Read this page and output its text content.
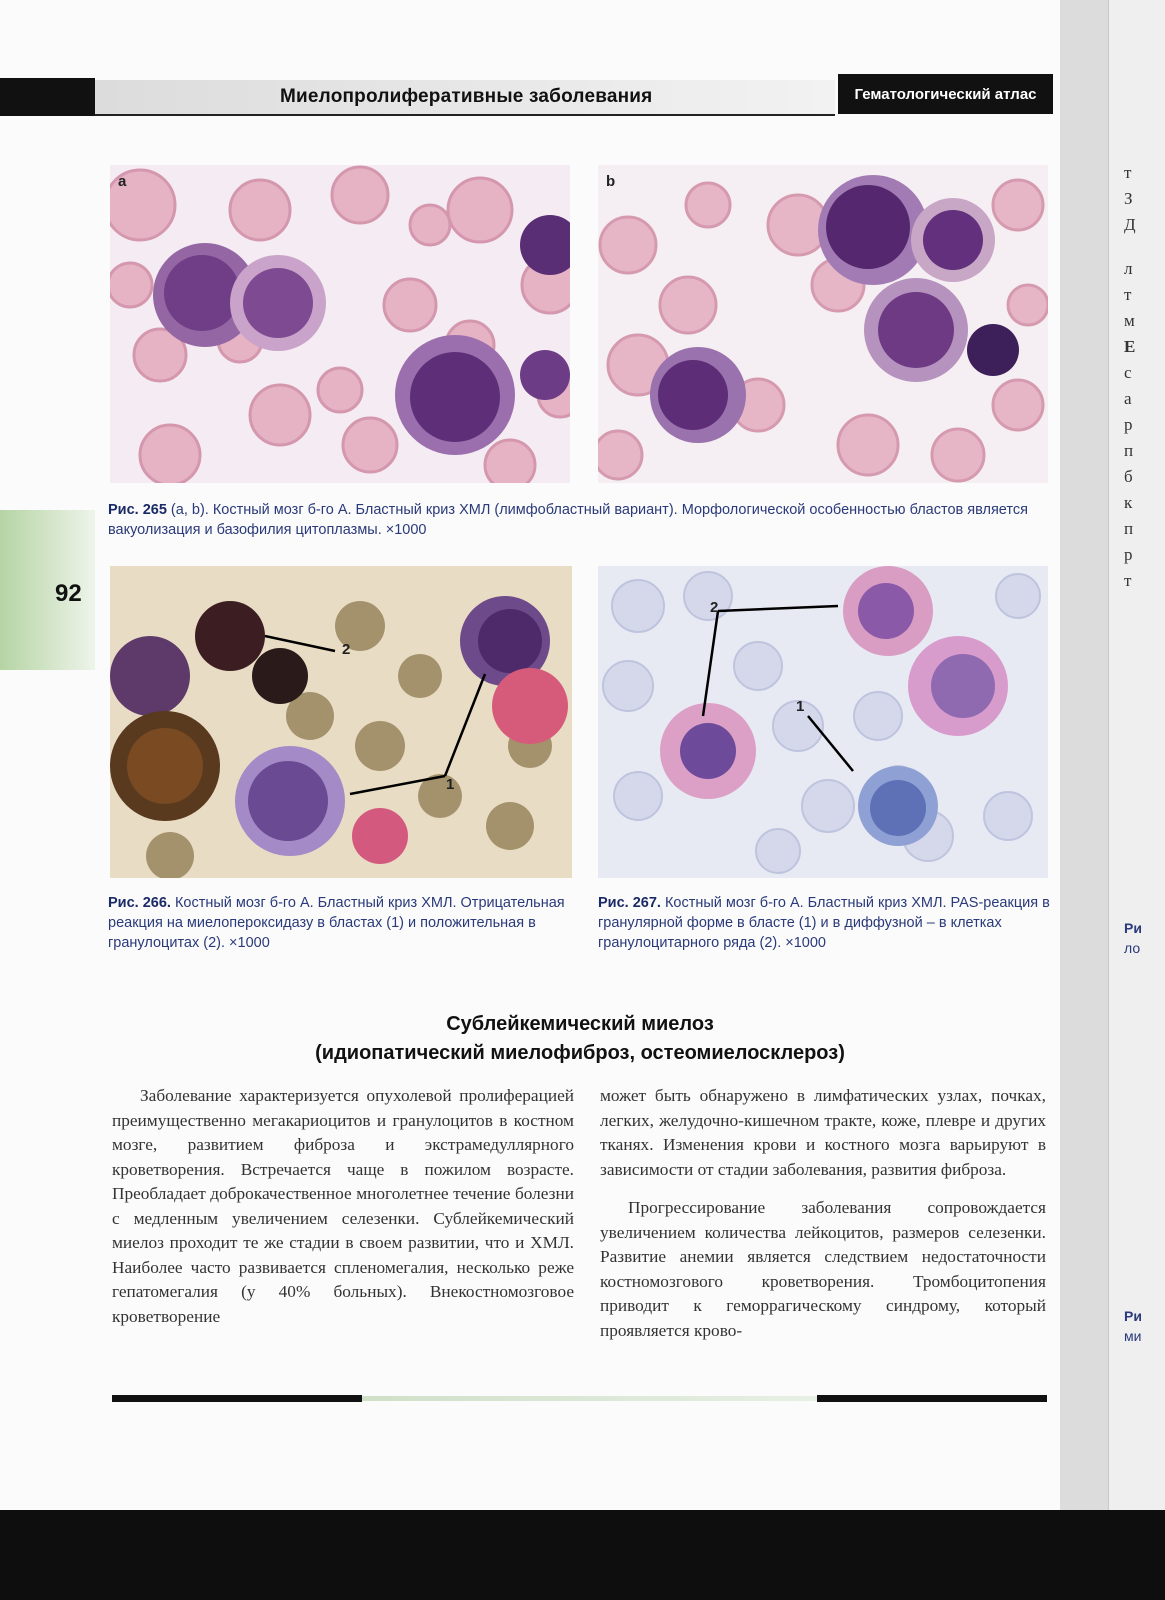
Миелопролиферативные заболевания	Гематологический атлас
92
a	b
Рис. 265 (a, b). Костный мозг б-го А. Бластный криз ХМЛ (лимфобластный вариант). Морфологической особенностью бластов является вакуолизация и базофилия цитоплазмы. ×1000
2
1
2
1
Рис. 266. Костный мозг б-го А. Бластный криз ХМЛ. Отрицательная реакция на миелопероксидазу в бластах (1) и положительная в гранулоцитах (2). ×1000
Рис. 267. Костный мозг б-го А. Бластный криз ХМЛ. PAS-реакция в гранулярной форме в бласте (1) и в диффузной – в клетках гранулоцитарного ряда (2). ×1000
Сублейкемический миелоз
(идиопатический миелофиброз, остеомиелосклероз)

Заболевание характеризуется опухолевой пролиферацией преимущественно мегакариоцитов и гранулоцитов в костном мозге, развитием фиброза и экстрамедуллярного кроветворения. Встречается чаще в пожилом возрасте. Преобладает доброкачественное многолетнее течение болезни с медленным увеличением селезенки. Сублейкемический миелоз проходит те же стадии в своем развитии, что и ХМЛ. Наиболее часто развивается спленомегалия, несколько реже гепатомегалия (у 40% больных). Внекостномозговое кроветворение

может быть обнаружено в лимфатических узлах, почках, легких, желудочно-кишечном тракте, коже, плевре и других тканях. Изменения крови и костного мозга варьируют в зависимости от стадии заболевания, развития фиброза.

Прогрессирование заболевания сопровождается увеличением количества лейкоцитов, размеров селезенки. Развитие анемии является следствием недостаточности костномозгового кроветворения. Тромбоцитопения приводит к геморрагическому синдрому, который проявляется крово-

т
З
Д
л
т
м
Е
с
а
р
п
б
к
п
р
т
Ри
ло
Ри
ми
